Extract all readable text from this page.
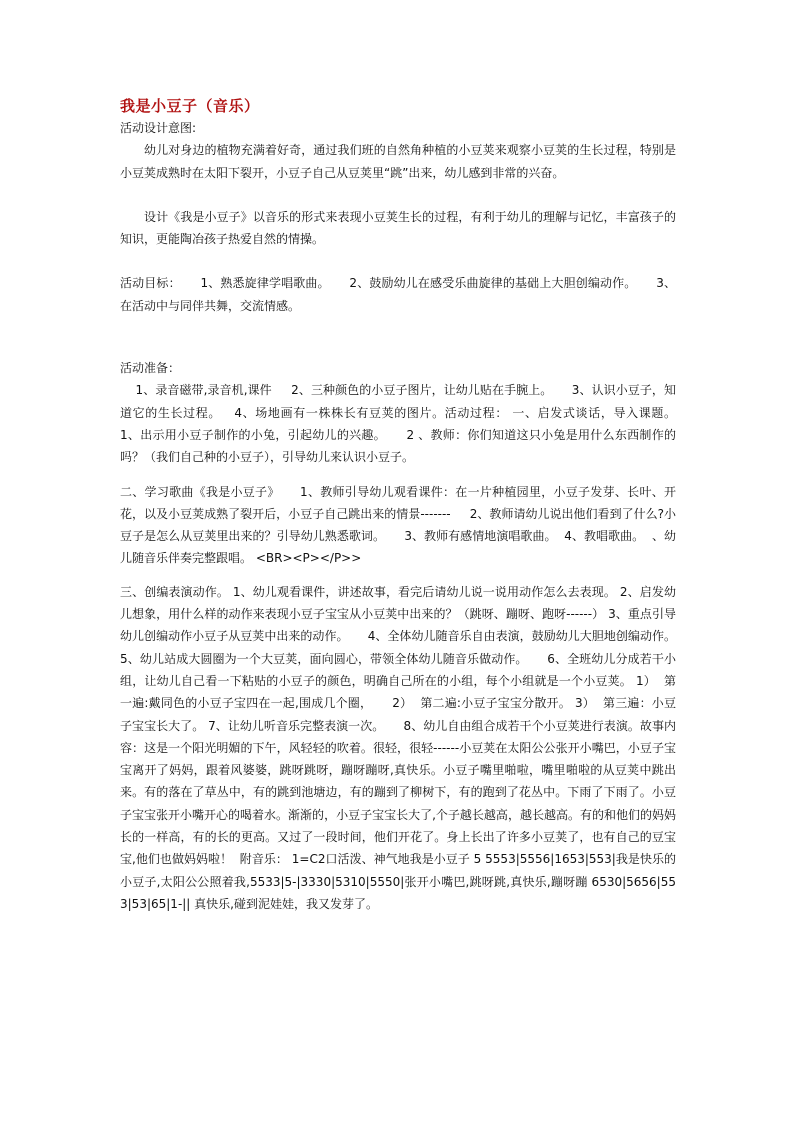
我是小豆子（音乐）

活动设计意图:

幼儿对身边的植物充满着好奇，通过我们班的自然角种植的小豆荚来观察小豆荚的生长过程，特别是小豆荚成熟时在太阳下裂开，小豆子自己从豆荚里“跳”出来，幼儿感到非常的兴奋。

设计《我是小豆子》以音乐的形式来表现小豆荚生长的过程，有利于幼儿的理解与记忆，丰富孩子的知识，更能陶冶孩子热爱自然的情操。

活动目标：     1、熟悉旋律学唱歌曲。     2、鼓励幼儿在感受乐曲旋律的基础上大胆创编动作。     3、在活动中与同伴共舞，交流情感。

活动准备：

1、录音磁带,录音机,课件     2、三种颜色的小豆子图片，让幼儿贴在手腕上。     3、认识小豆子，知道它的生长过程。   4、场地画有一株株长有豆荚的图片。活动过程： 一、启发式谈话，导入课题。     1、出示用小豆子制作的小兔，引起幼儿的兴趣。     2 、教师：你们知道这只小兔是用什么东西制作的吗？（我们自己种的小豆子），引导幼儿来认识小豆子。

二、学习歌曲《我是小豆子》     1、教师引导幼儿观看课件：在一片种植园里，小豆子发芽、长叶、开花，以及小豆荚成熟了裂开后，小豆子自己跳出来的情景-------     2、教师请幼儿说出他们看到了什么?小豆子是怎么从豆荚里出来的？引导幼儿熟悉歌词。     3、教师有感情地演唱歌曲。  4、教唱歌曲。  、幼儿随音乐伴奏完整跟唱。 <BR><P></P>>

三、创编表演动作。 1、幼儿观看课件，讲述故事，看完后请幼儿说一说用动作怎么去表现。 2、启发幼儿想象，用什么样的动作来表现小豆子宝宝从小豆荚中出来的？（跳呀、蹦呀、跑呀------） 3、重点引导幼儿创编动作小豆子从豆荚中出来的动作。     4、全体幼儿随音乐自由表演，鼓励幼儿大胆地创编动作。 5、幼儿站成大圆圈为一个大豆荚，面向圆心，带领全体幼儿随音乐做动作。     6、全班幼儿分成若干小组，让幼儿自己看一下粘贴的小豆子的颜色，明确自己所在的小组，每个小组就是一个小豆荚。 1）  第一遍:戴同色的小豆子宝四在一起,围成几个圈，     2）  第二遍:小豆子宝宝分散开。 3）  第三遍：小豆子宝宝长大了。 7、让幼儿听音乐完整表演一次。     8、幼儿自由组合成若干个小豆荚进行表演。故事内容：这是一个阳光明媚的下午，风轻轻的吹着。很轻，很轻------小豆荚在太阳公公张开小嘴巴，小豆子宝宝离开了妈妈，跟着风婆婆，跳呀跳呀，蹦呀蹦呀,真快乐。小豆子嘴里啪啦，嘴里啪啦的从豆荚中跳出来。有的落在了草丛中，有的跳到池塘边，有的蹦到了柳树下，有的跑到了花丛中。下雨了下雨了。小豆子宝宝张开小嘴开心的喝着水。渐渐的，小豆子宝宝长大了,个子越长越高，越长越高。有的和他们的妈妈长的一样高，有的长的更高。又过了一段时间，他们开花了。身上长出了许多小豆荚了，也有自己的豆宝宝,他们也做妈妈啦！  附音乐： 1=C2口活泼、神气地我是小豆子 5 5553|5556|1653|553|我是快乐的小豆子,太阳公公照着我,5533|5-|3330|5310|5550|张开小嘴巴,跳呀跳,真快乐,蹦呀蹦 6530|5656|553|53|65|1-|| 真快乐,碰到泥娃娃，我又发芽了。
